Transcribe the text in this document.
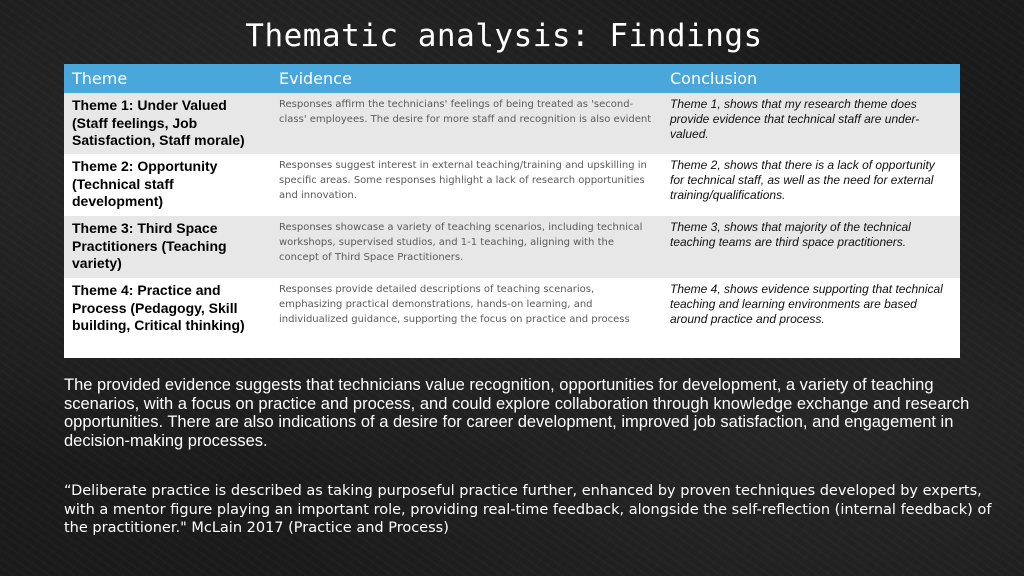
Thematic analysis: Findings
Theme	Evidence	Conclusion

Theme 1: Under Valued (Staff feelings, Job Satisfaction, Staff morale)	Responses affirm the technicians' feelings of being treated as 'second-class' employees. The desire for more staff and recognition is also evident	Theme 1, shows that my research theme does provide evidence that technical staff are under-valued.

Theme 2: Opportunity (Technical staff development)	Responses suggest interest in external teaching/training and upskilling in specific areas. Some responses highlight a lack of research opportunities and innovation.	Theme 2, shows that there is a lack of opportunity for technical staff, as well as the need for external training/qualifications.

Theme 3: Third Space Practitioners (Teaching variety)	Responses showcase a variety of teaching scenarios, including technical workshops, supervised studios, and 1-1 teaching, aligning with the concept of Third Space Practitioners.	Theme 3, shows that majority of the technical teaching teams are third space practitioners.

Theme 4: Practice and Process (Pedagogy, Skill building, Critical thinking)	Responses provide detailed descriptions of teaching scenarios, emphasizing practical demonstrations, hands-on learning, and individualized guidance, supporting the focus on practice and process	Theme 4, shows evidence supporting that technical teaching and learning environments are based around practice and process.
The provided evidence suggests that technicians value recognition, opportunities for development, a variety of teaching scenarios, with a focus on practice and process, and could explore collaboration through knowledge exchange and research opportunities. There are also indications of a desire for career development, improved job satisfaction, and engagement in decision-making processes.
“Deliberate practice is described as taking purposeful practice further, enhanced by proven techniques developed by experts, with a mentor figure playing an important role, providing real-time feedback, alongside the self-reflection (internal feedback) of the practitioner." McLain 2017 (Practice and Process)
